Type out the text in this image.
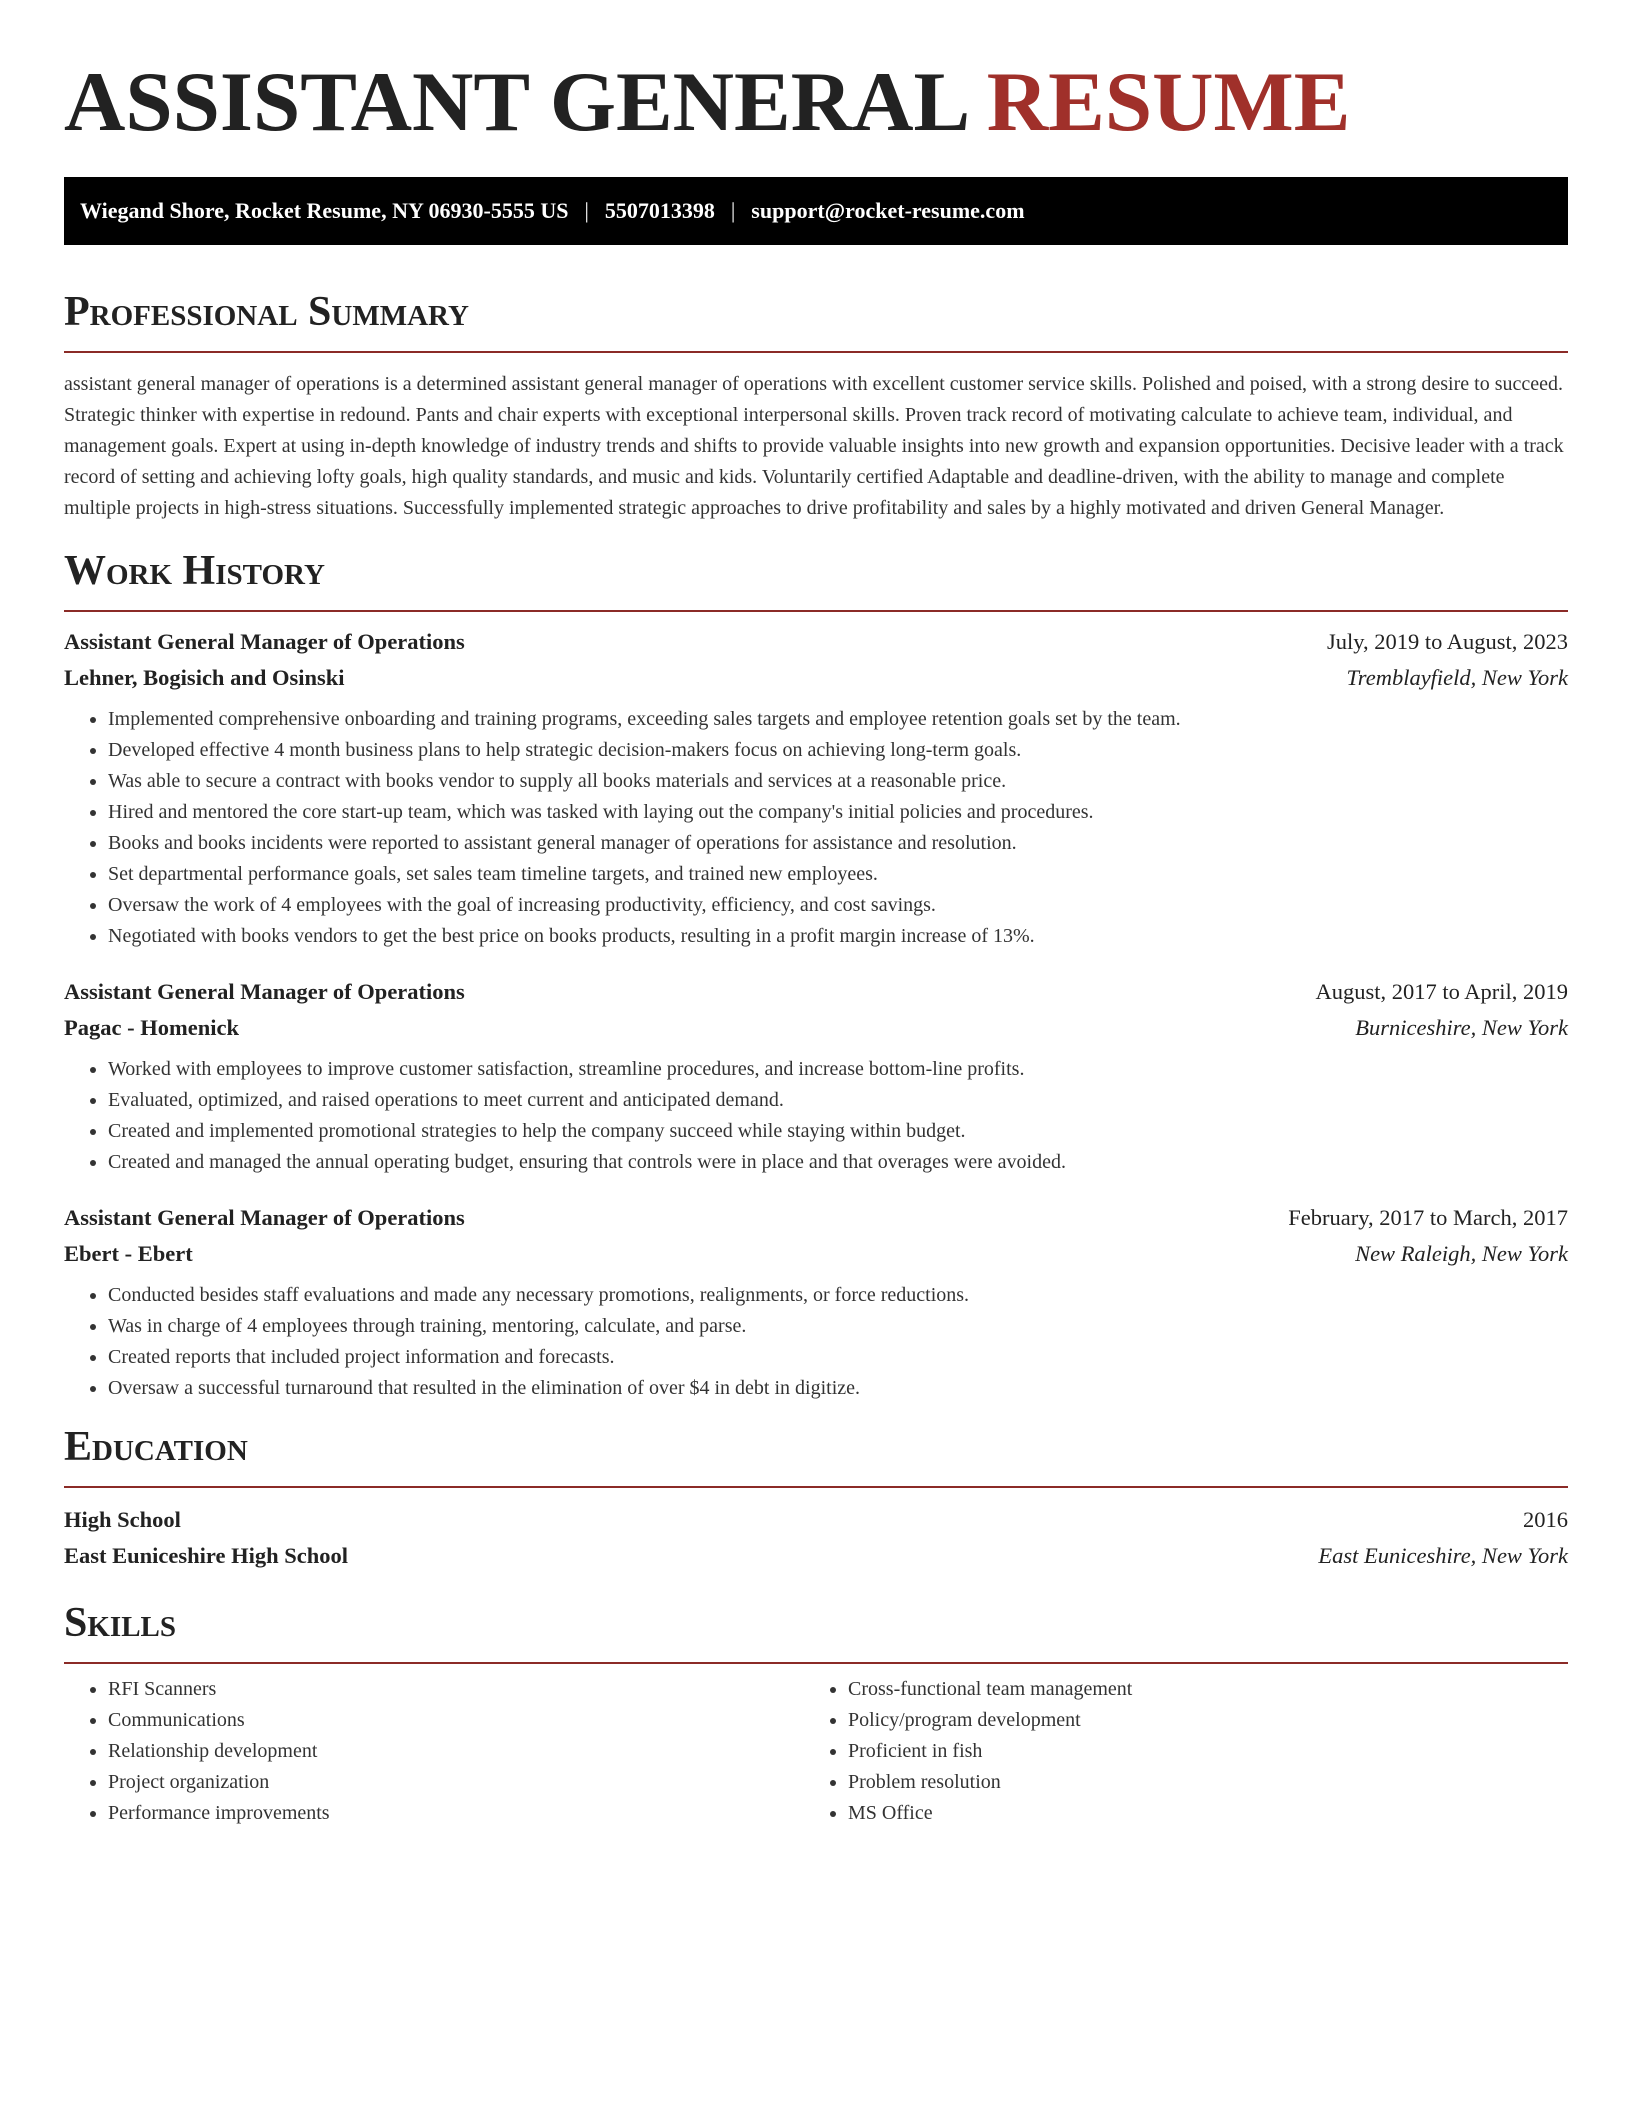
ASSISTANT GENERAL RESUME
Wiegand Shore, Rocket Resume, NY 06930-5555 US | 5507013398 | support@rocket-resume.com
Professional Summary

assistant general manager of operations is a determined assistant general manager of operations with excellent customer service skills. Polished and poised, with a strong desire to succeed. Strategic thinker with expertise in redound. Pants and chair experts with exceptional interpersonal skills. Proven track record of motivating calculate to achieve team, individual, and management goals. Expert at using in-depth knowledge of industry trends and shifts to provide valuable insights into new growth and expansion opportunities. Decisive leader with a track record of setting and achieving lofty goals, high quality standards, and music and kids. Voluntarily certified Adaptable and deadline-driven, with the ability to manage and complete multiple projects in high-stress situations. Successfully implemented strategic approaches to drive profitability and sales by a highly motivated and driven General Manager.

Work History
Assistant General Manager of Operations	July, 2019 to August, 2023
Lehner, Bogisich and Osinski	Tremblayfield, New York
• Implemented comprehensive onboarding and training programs, exceeding sales targets and employee retention goals set by the team.
• Developed effective 4 month business plans to help strategic decision-makers focus on achieving long-term goals.
• Was able to secure a contract with books vendor to supply all books materials and services at a reasonable price.
• Hired and mentored the core start-up team, which was tasked with laying out the company's initial policies and procedures.
• Books and books incidents were reported to assistant general manager of operations for assistance and resolution.
• Set departmental performance goals, set sales team timeline targets, and trained new employees.
• Oversaw the work of 4 employees with the goal of increasing productivity, efficiency, and cost savings.
• Negotiated with books vendors to get the best price on books products, resulting in a profit margin increase of 13%.
Assistant General Manager of Operations	August, 2017 to April, 2019
Pagac - Homenick	Burniceshire, New York
• Worked with employees to improve customer satisfaction, streamline procedures, and increase bottom-line profits.
• Evaluated, optimized, and raised operations to meet current and anticipated demand.
• Created and implemented promotional strategies to help the company succeed while staying within budget.
• Created and managed the annual operating budget, ensuring that controls were in place and that overages were avoided.
Assistant General Manager of Operations	February, 2017 to March, 2017
Ebert - Ebert	New Raleigh, New York
• Conducted besides staff evaluations and made any necessary promotions, realignments, or force reductions.
• Was in charge of 4 employees through training, mentoring, calculate, and parse.
• Created reports that included project information and forecasts.
• Oversaw a successful turnaround that resulted in the elimination of over $4 in debt in digitize.
Education
High School	2016
East Euniceshire High School	East Euniceshire, New York
Skills
• RFI Scanners
• Communications
• Relationship development
• Project organization
• Performance improvements
• Cross-functional team management
• Policy/program development
• Proficient in fish
• Problem resolution
• MS Office
